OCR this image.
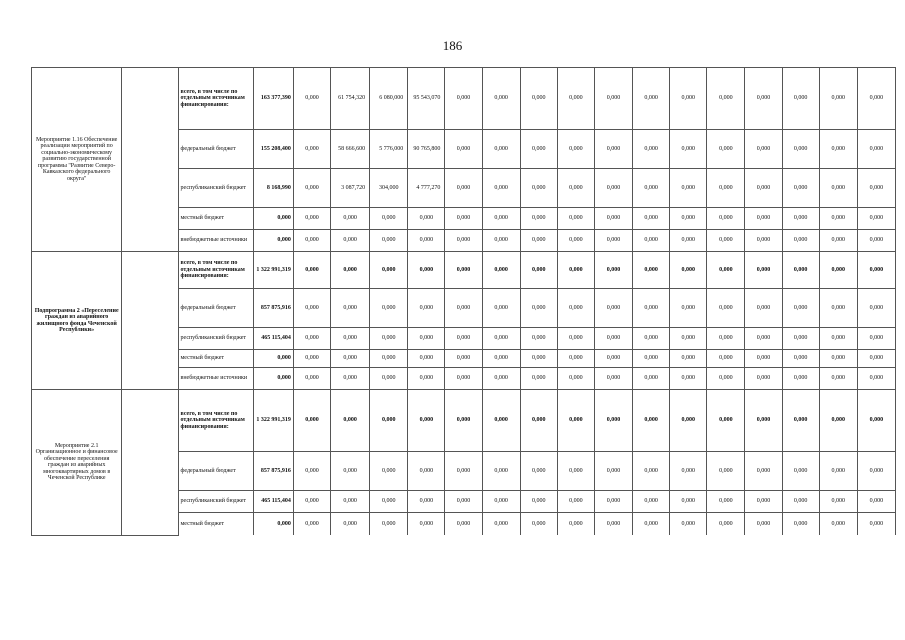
186
Мероприятие 1.16 Обеспечение реализации мероприятий по социально-экономическому развитию государственной программы "Развитие Северо-Кавказского федерального округа"		всего, в том числе по отдельным источникам финансирования:	163 377,390	0,000	61 754,320	6 080,000	95 543,070	0,000	0,000	0,000	0,000	0,000	0,000	0,000	0,000	0,000	0,000	0,000	0,000
		федеральный бюджет	155 208,400	0,000	58 666,600	5 776,000	90 765,800	0,000	0,000	0,000	0,000	0,000	0,000	0,000	0,000	0,000	0,000	0,000	0,000
		республиканский бюджет	8 168,990	0,000	3 087,720	304,000	4 777,270	0,000	0,000	0,000	0,000	0,000	0,000	0,000	0,000	0,000	0,000	0,000	0,000
		местный бюджет	0,000	0,000	0,000	0,000	0,000	0,000	0,000	0,000	0,000	0,000	0,000	0,000	0,000	0,000	0,000	0,000	0,000
		внебюджетные источники	0,000	0,000	0,000	0,000	0,000	0,000	0,000	0,000	0,000	0,000	0,000	0,000	0,000	0,000	0,000	0,000	0,000
Подпрограмма 2 «Переселение граждан из аварийного жилищного фонда Чеченской Республики»		всего, в том числе по отдельным источникам финансирования:	1 322 991,319	0,000	0,000	0,000	0,000	0,000	0,000	0,000	0,000	0,000	0,000	0,000	0,000	0,000	0,000	0,000	0,000
		федеральный бюджет	857 875,916	0,000	0,000	0,000	0,000	0,000	0,000	0,000	0,000	0,000	0,000	0,000	0,000	0,000	0,000	0,000	0,000
		республиканский бюджет	465 115,404	0,000	0,000	0,000	0,000	0,000	0,000	0,000	0,000	0,000	0,000	0,000	0,000	0,000	0,000	0,000	0,000
		местный бюджет	0,000	0,000	0,000	0,000	0,000	0,000	0,000	0,000	0,000	0,000	0,000	0,000	0,000	0,000	0,000	0,000	0,000
		внебюджетные источники	0,000	0,000	0,000	0,000	0,000	0,000	0,000	0,000	0,000	0,000	0,000	0,000	0,000	0,000	0,000	0,000	0,000
Мероприятие 2.1 Организационное и финансовое обеспечение переселения граждан из аварийных многоквартирных домов в Чеченской Республике		всего, в том числе по отдельным источникам финансирования:	1 322 991,319	0,000	0,000	0,000	0,000	0,000	0,000	0,000	0,000	0,000	0,000	0,000	0,000	0,000	0,000	0,000	0,000
		федеральный бюджет	857 875,916	0,000	0,000	0,000	0,000	0,000	0,000	0,000	0,000	0,000	0,000	0,000	0,000	0,000	0,000	0,000	0,000
		республиканский бюджет	465 115,404	0,000	0,000	0,000	0,000	0,000	0,000	0,000	0,000	0,000	0,000	0,000	0,000	0,000	0,000	0,000	0,000
		местный бюджет	0,000	0,000	0,000	0,000	0,000	0,000	0,000	0,000	0,000	0,000	0,000	0,000	0,000	0,000	0,000	0,000	0,000
